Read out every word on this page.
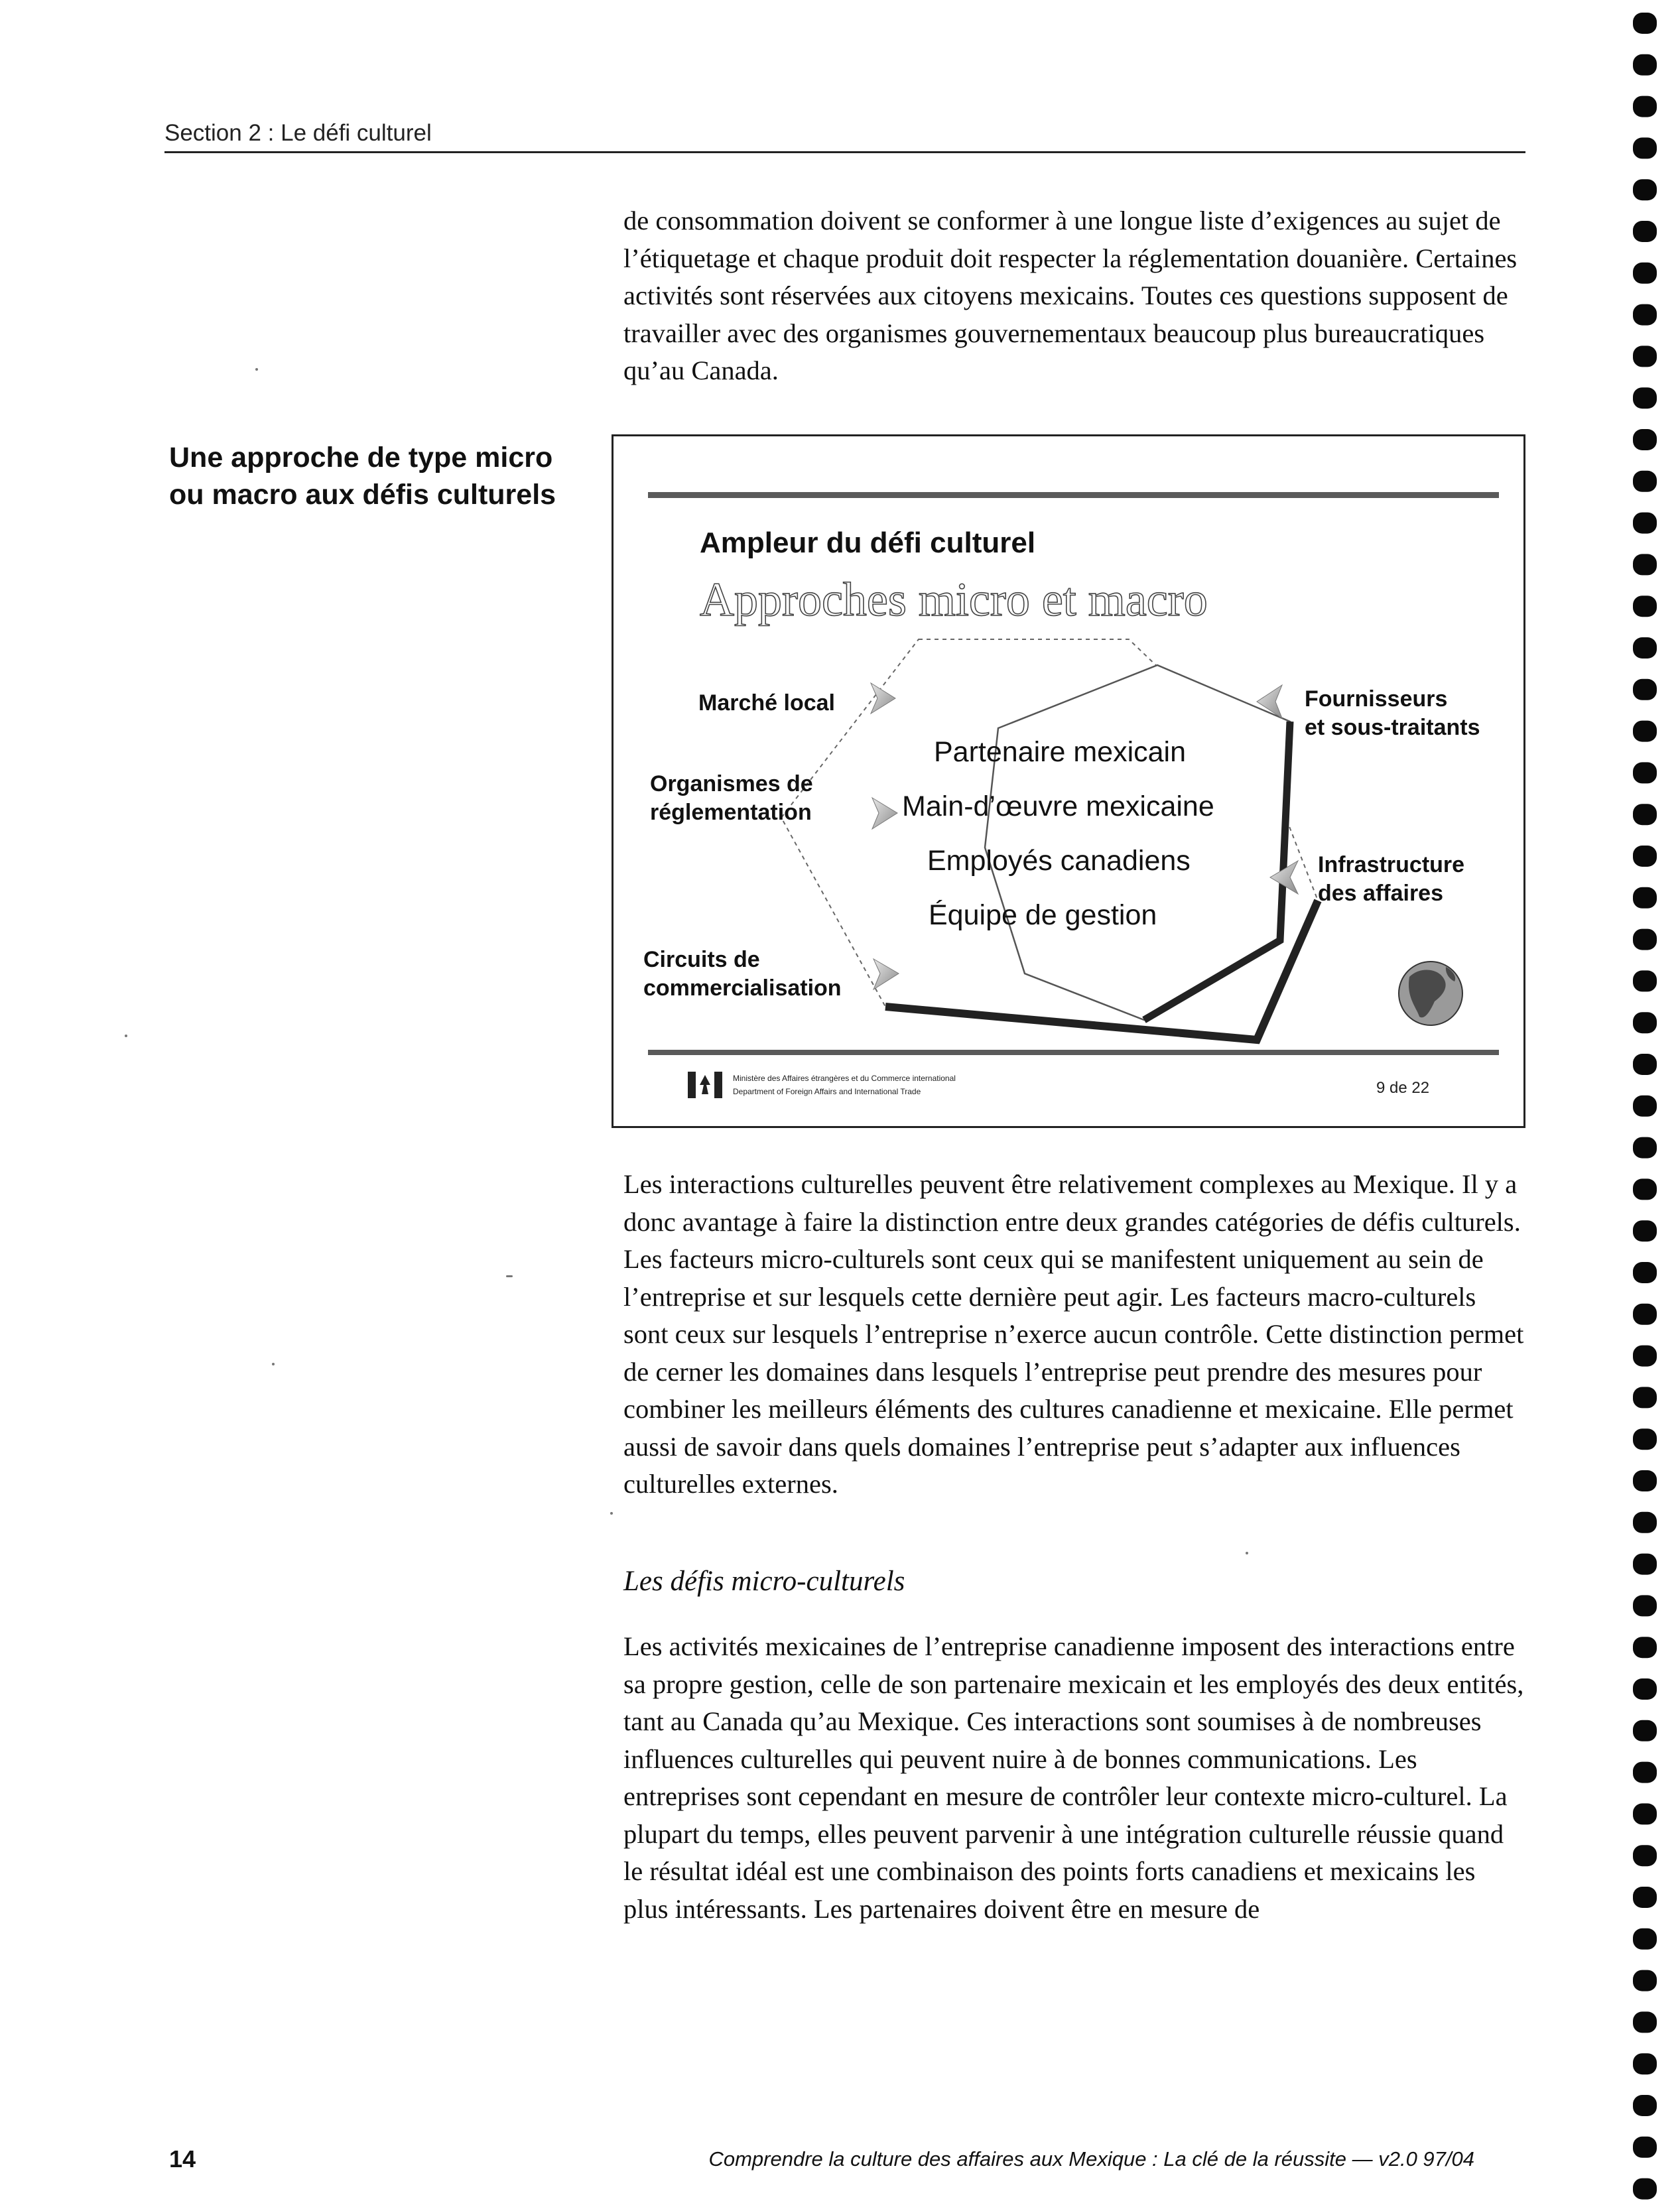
Section 2 : Le défi culturel

de consommation doivent se conformer à une longue liste d’exigences au sujet de l’étiquetage et chaque produit doit respecter la réglementation douanière. Certaines activités sont réservées aux citoyens mexicains. Toutes ces questions supposent de travailler avec des organismes gouvernementaux beaucoup plus bureaucratiques qu’au Canada.

Une approche de type micro ou macro aux défis culturels
Ampleur du défi culturel
Approches micro et macro
Partenaire mexicain
Main-d’œuvre mexicaine
Employés canadiens
Équipe de gestion
Marché local
Organismes de
réglementation
Circuits de
commercialisation
Fournisseurs
et sous-traitants
Infrastructure
des affaires
Ministère des Affaires étrangères et du Commerce international
Department of Foreign Affairs and International Trade	9 de 22

Les interactions culturelles peuvent être relativement complexes au Mexique. Il y a donc avantage à faire la distinction entre deux grandes catégories de défis culturels. Les facteurs micro-culturels sont ceux qui se manifestent uniquement au sein de l’entreprise et sur lesquels cette dernière peut agir. Les facteurs macro-culturels sont ceux sur lesquels l’entreprise n’exerce aucun contrôle. Cette distinction permet de cerner les domaines dans lesquels l’entreprise peut prendre des mesures pour combiner les meilleurs éléments des cultures canadienne et mexicaine. Elle permet aussi de savoir dans quels domaines l’entreprise peut s’adapter aux influences culturelles externes.

Les défis micro-culturels

Les activités mexicaines de l’entreprise canadienne imposent des interactions entre sa propre gestion, celle de son partenaire mexicain et les employés des deux entités, tant au Canada qu’au Mexique. Ces interactions sont soumises à de nombreuses influences culturelles qui peuvent nuire à de bonnes communications. Les entreprises sont cependant en mesure de contrôler leur contexte micro-culturel. La plupart du temps, elles peuvent parvenir à une intégration culturelle réussie quand le résultat idéal est une combinaison des points forts canadiens et mexicains les plus intéressants. Les partenaires doivent être en mesure de

14	Comprendre la culture des affaires aux Mexique : La clé de la réussite — v2.0 97/04
